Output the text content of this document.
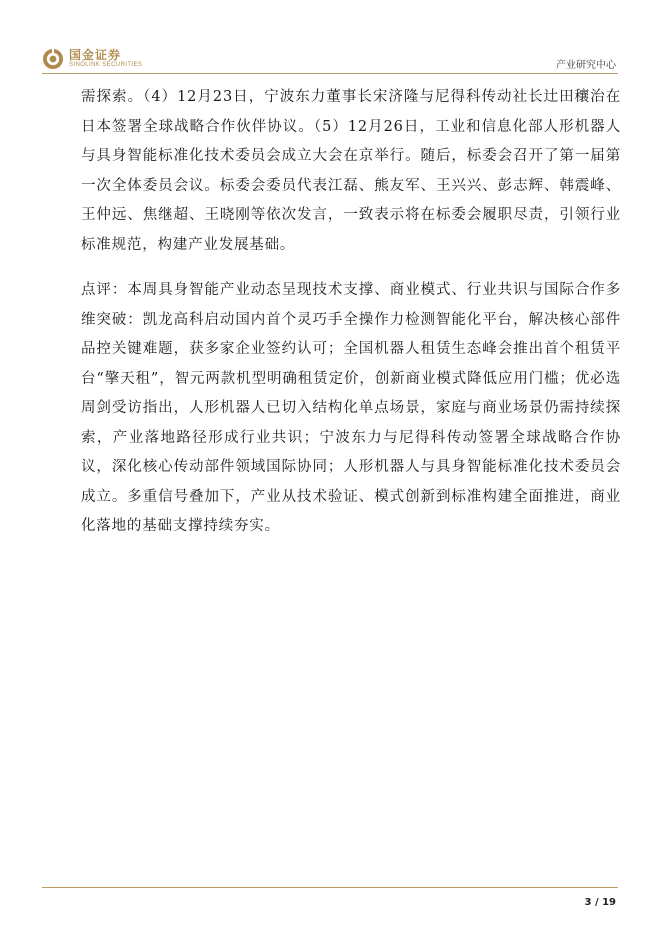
国金证券
SINOLINK SECURITIES	产业研究中心

需探索。（4）12月23日，宁波东力董事长宋济隆与尼得科传动社长辻田穰治在日本签署全球战略合作伙伴协议。（5）12月26日，工业和信息化部人形机器人与具身智能标准化技术委员会成立大会在京举行。随后，标委会召开了第一届第一次全体委员会议。标委会委员代表江磊、熊友军、王兴兴、彭志辉、韩震峰、王仲远、焦继超、王晓刚等依次发言，一致表示将在标委会履职尽责，引领行业标准规范，构建产业发展基础。

点评：本周具身智能产业动态呈现技术支撑、商业模式、行业共识与国际合作多维突破：凯龙高科启动国内首个灵巧手全操作力检测智能化平台，解决核心部件品控关键难题，获多家企业签约认可；全国机器人租赁生态峰会推出首个租赁平台“擎天租”，智元两款机型明确租赁定价，创新商业模式降低应用门槛；优必选周剑受访指出，人形机器人已切入结构化单点场景，家庭与商业场景仍需持续探索，产业落地路径形成行业共识；宁波东力与尼得科传动签署全球战略合作协议，深化核心传动部件领域国际协同；人形机器人与具身智能标准化技术委员会成立。多重信号叠加下，产业从技术验证、模式创新到标准构建全面推进，商业化落地的基础支撑持续夯实。

3 / 19
